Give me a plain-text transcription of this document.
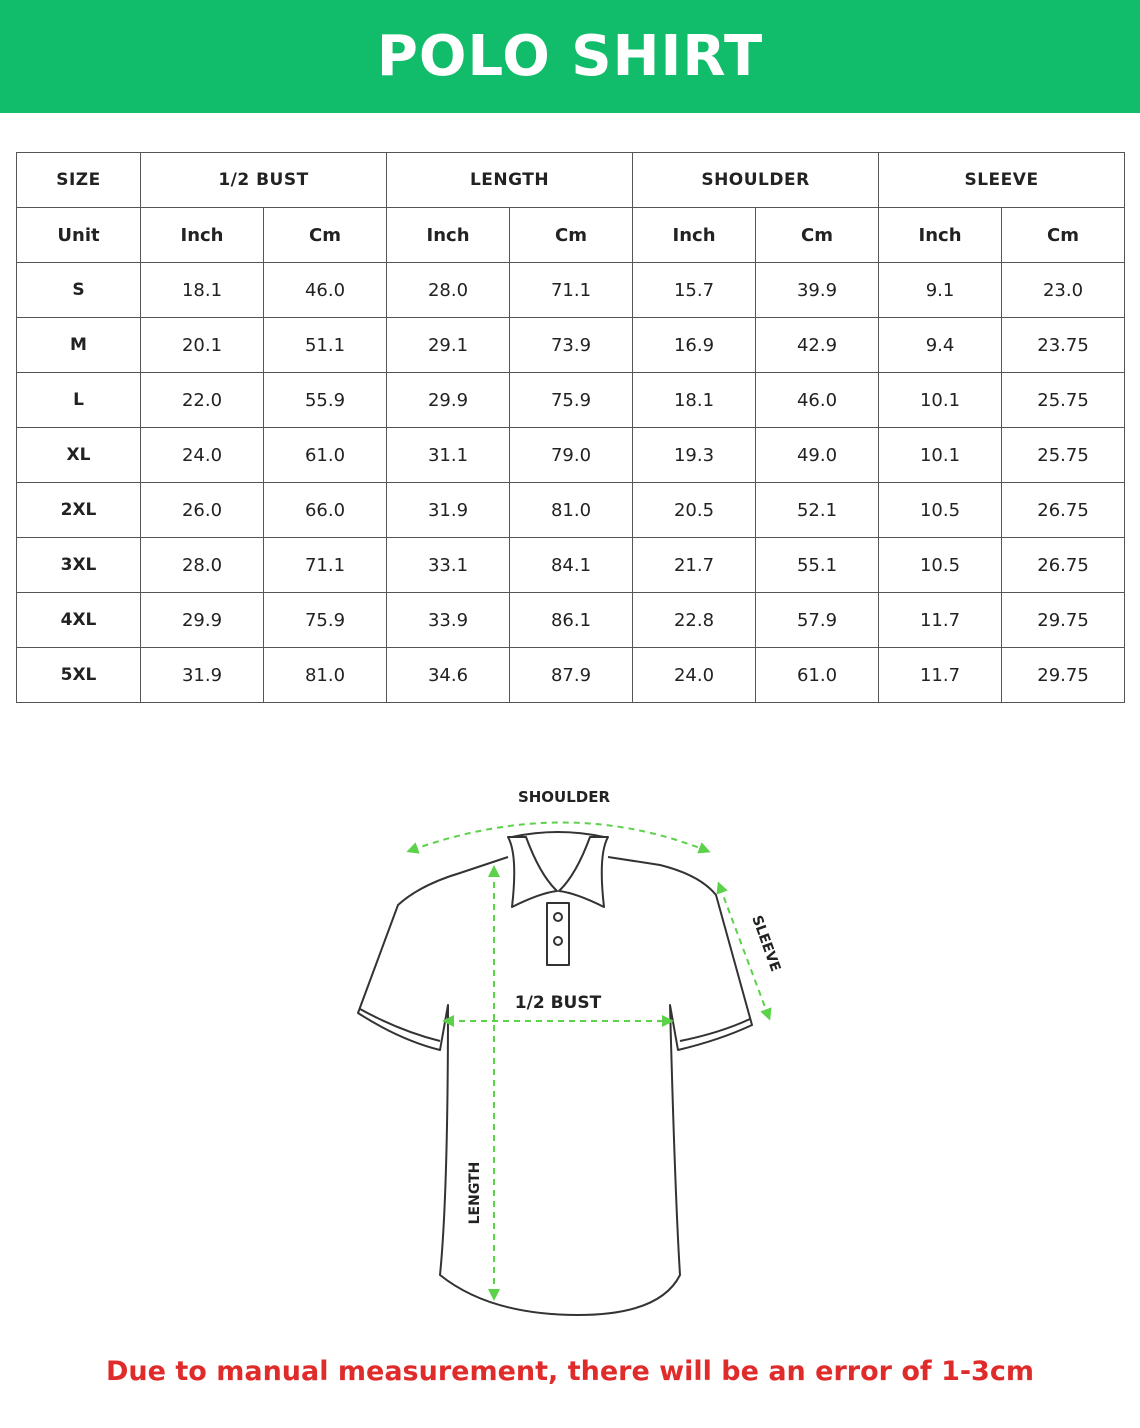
POLO SHIRT
SIZE	1/2 BUST		LENGTH		SHOULDER		SLEEVE	
Unit	Inch	Cm	Inch	Cm	Inch	Cm	Inch	Cm
S	18.1	46.0	28.0	71.1	15.7	39.9	9.1	23.0
M	20.1	51.1	29.1	73.9	16.9	42.9	9.4	23.75
L	22.0	55.9	29.9	75.9	18.1	46.0	10.1	25.75
XL	24.0	61.0	31.1	79.0	19.3	49.0	10.1	25.75
2XL	26.0	66.0	31.9	81.0	20.5	52.1	10.5	26.75
3XL	28.0	71.1	33.1	84.1	21.7	55.1	10.5	26.75
4XL	29.9	75.9	33.9	86.1	22.8	57.9	11.7	29.75
5XL	31.9	81.0	34.6	87.9	24.0	61.0	11.7	29.75
SHOULDER
1/2 BUST
LENGTH
SLEEVE
Due to manual measurement, there will be an error of 1-3cm
